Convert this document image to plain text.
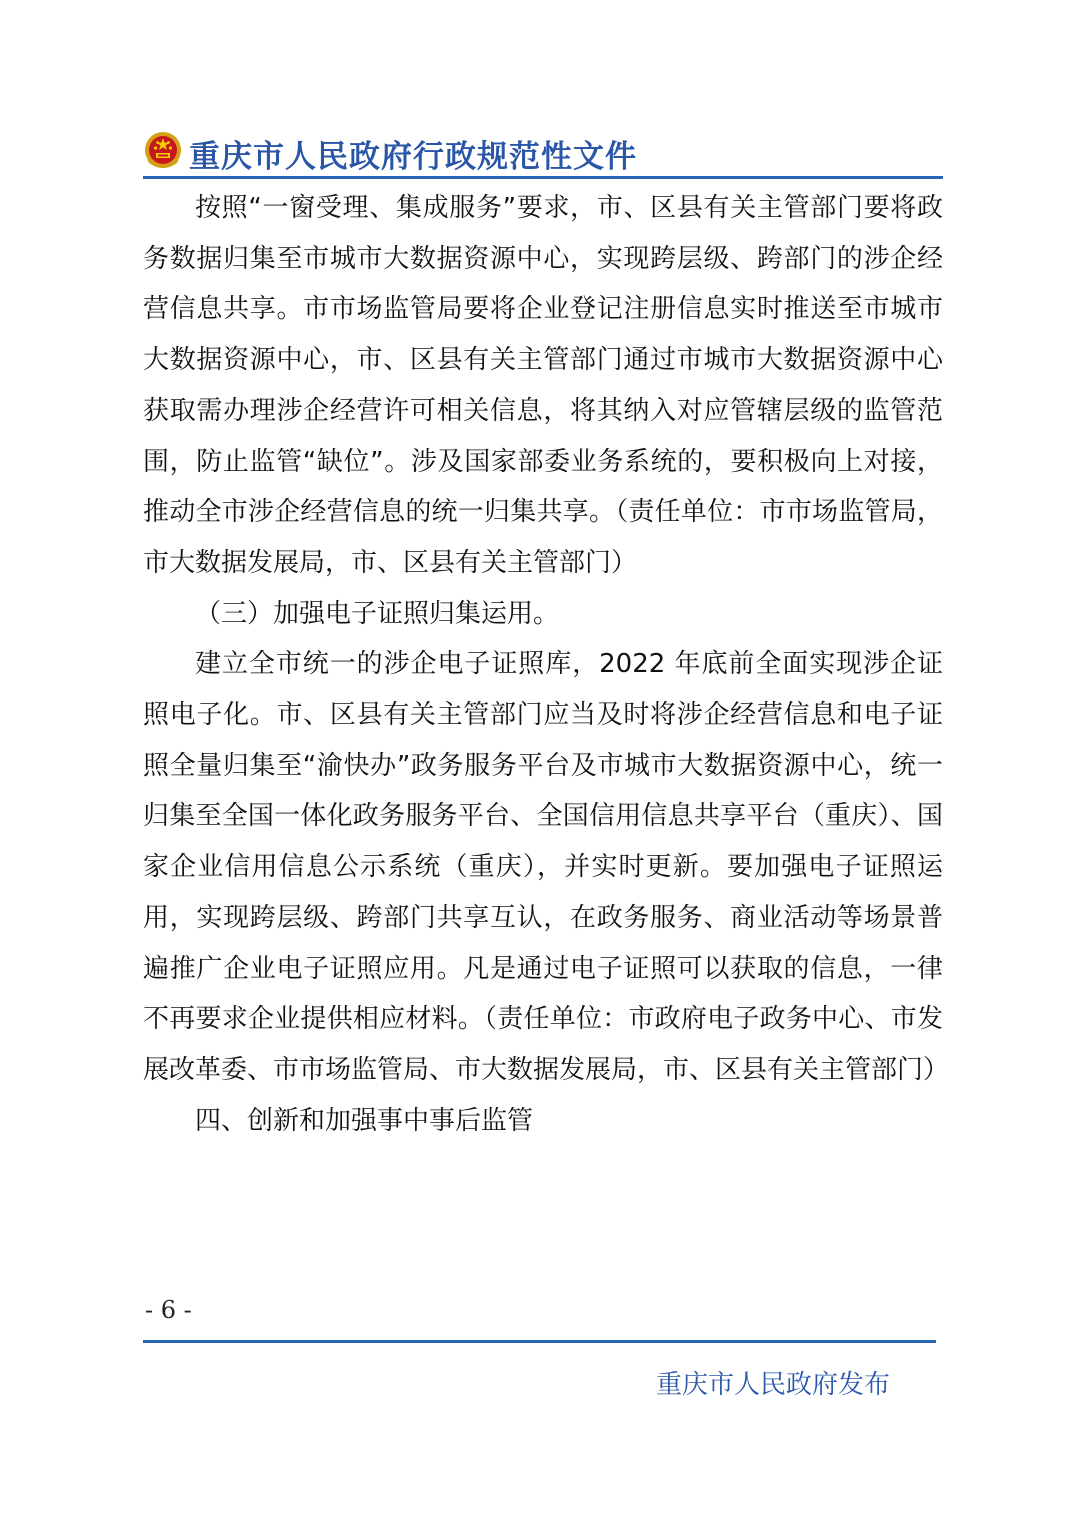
重庆市人民政府行政规范性文件

按照“一窗受理、集成服务”要求，市、区县有关主管部门要将政务数据归集至市城市大数据资源中心，实现跨层级、跨部门的涉企经营信息共享。市市场监管局要将企业登记注册信息实时推送至市城市大数据资源中心，市、区县有关主管部门通过市城市大数据资源中心获取需办理涉企经营许可相关信息，将其纳入对应管辖层级的监管范围，防止监管“缺位”。涉及国家部委业务系统的，要积极向上对接，推动全市涉企经营信息的统一归集共享。（责任单位：市市场监管局，市大数据发展局，市、区县有关主管部门）

（三）加强电子证照归集运用。

建立全市统一的涉企电子证照库，2022 年底前全面实现涉企证照电子化。市、区县有关主管部门应当及时将涉企经营信息和电子证照全量归集至“渝快办”政务服务平台及市城市大数据资源中心，统一归集至全国一体化政务服务平台、全国信用信息共享平台（重庆）、国家企业信用信息公示系统（重庆），并实时更新。要加强电子证照运用，实现跨层级、跨部门共享互认，在政务服务、商业活动等场景普遍推广企业电子证照应用。凡是通过电子证照可以获取的信息，一律不再要求企业提供相应材料。（责任单位：市政府电子政务中心、市发展改革委、市市场监管局、市大数据发展局，市、区县有关主管部门）

四、创新和加强事中事后监管

- 6 -
重庆市人民政府发布
